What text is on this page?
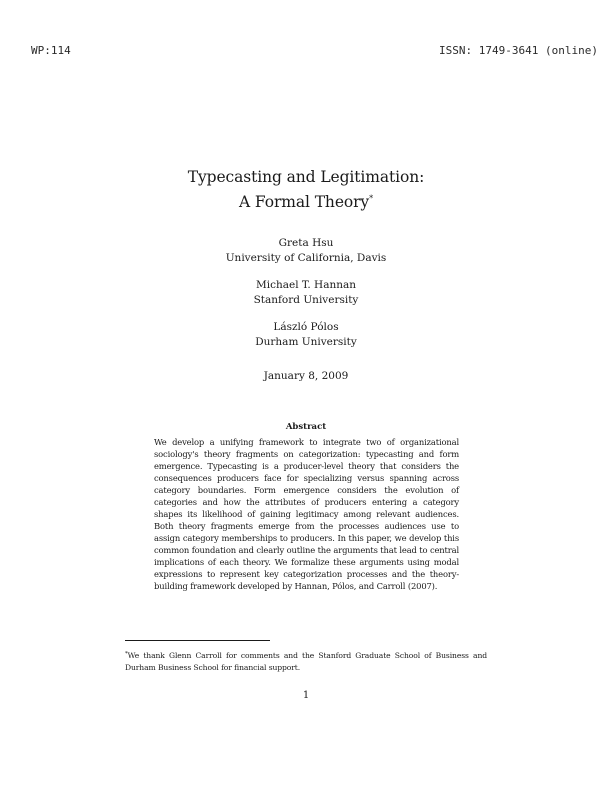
WP:114	ISSN: 1749-3641 (online)
Typecasting and Legitimation:
A Formal Theory*
Greta Hsu
University of California, Davis
Michael T. Hannan
Stanford University
László Pólos
Durham University
January 8, 2009
Abstract
We develop a unifying framework to integrate two of organizational sociology's theory fragments on categorization: typecasting and form emergence. Typecasting is a producer-level theory that considers the consequences producers face for specializing versus spanning across category boundaries. Form emergence considers the evolution of categories and how the attributes of producers entering a category shapes its likelihood of gaining legitimacy among relevant audiences. Both theory fragments emerge from the processes audiences use to assign category memberships to producers. In this paper, we develop this common foundation and clearly outline the arguments that lead to central implications of each theory. We formalize these arguments using modal expressions to represent key categorization processes and the theory-building framework developed by Hannan, Pólos, and Carroll (2007).
*We thank Glenn Carroll for comments and the Stanford Graduate School of Business and Durham Business School for financial support.
1
